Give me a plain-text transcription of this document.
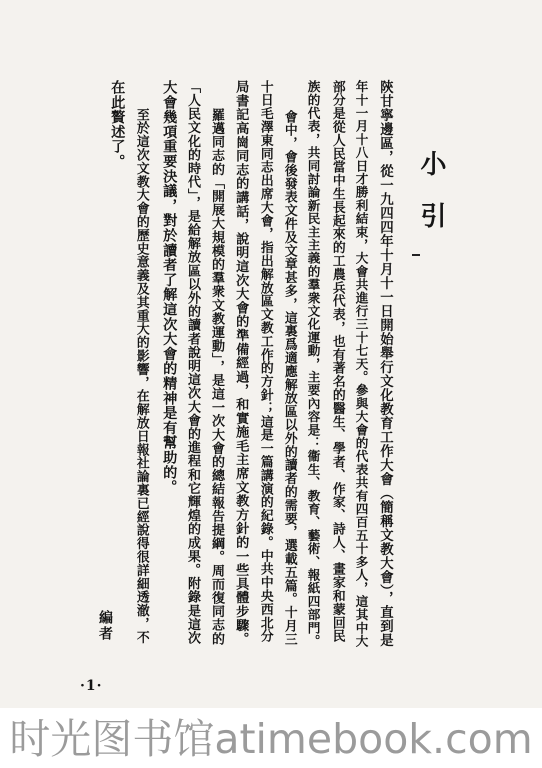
小引
陝甘寧邊區，從一九四四年十月十一日開始舉行文化教育工作大會（簡稱文教大會），直到是
年十一月十八日才勝利結束，大會共進行三十七天。參與大會的代表共有四百五十多人，這其中大
部分是從人民當中生長起來的工農兵代表，也有著名的醫生、學者、作家、詩人、畫家和蒙回民
族的代表，共同討論新民主主義的羣衆文化運動，主要內容是：衞生、教育、藝術、報紙四部門。
會中，會後發表文件及文章甚多，這裏爲適應解放區以外的讀者的需要，選載五篇。十月三
十日毛澤東同志出席大會，指出解放區文教工作的方針；這是一篇講演的紀錄。中共中央西北分
局書記高崗同志的講話，說明這次大會的準備經過，和實施毛主席文教方針的一些具體步驟。
羅邁同志的「開展大規模的羣衆文教運動」，是這一次大會的總結報告提綱。周而復同志的
「人民文化的時代」，是給解放區以外的讀者說明這次大會的進程和它輝煌的成果。附錄是這次
大會幾項重要決議，對於讀者了解這次大會的精神是有幫助的。
至於這次文教大會的歷史意義及其重大的影響，在解放日報社論裏已經說得很詳細透澈，不
在此贅述了。
編者
·1·
时光图书馆atimebook.com
